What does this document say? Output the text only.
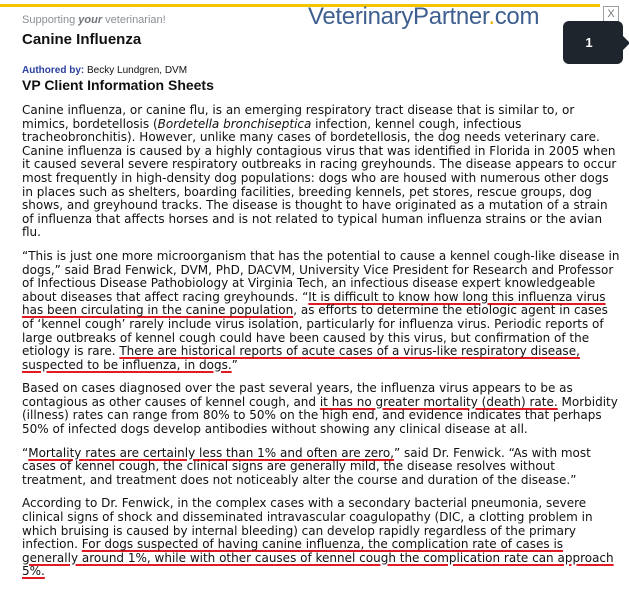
Supporting your veterinarian!	VeterinaryPartner.com	X
1
Canine Influenza
Authored by: Becky Lundgren, DVM
VP Client Information Sheets

Canine influenza, or canine flu, is an emerging respiratory tract disease that is similar to, or mimics, bordetellosis (Bordetella bronchiseptica infection, kennel cough, infectious tracheobronchitis). However, unlike many cases of bordetellosis, the dog needs veterinary care. Canine influenza is caused by a highly contagious virus that was identified in Florida in 2005 when it caused several severe respiratory outbreaks in racing greyhounds. The disease appears to occur most frequently in high-density dog populations: dogs who are housed with numerous other dogs in places such as shelters, boarding facilities, breeding kennels, pet stores, rescue groups, dog shows, and greyhound tracks. The disease is thought to have originated as a mutation of a strain of influenza that affects horses and is not related to typical human influenza strains or the avian flu.

“This is just one more microorganism that has the potential to cause a kennel cough-like disease in dogs,” said Brad Fenwick, DVM, PhD, DACVM, University Vice President for Research and Professor of Infectious Disease Pathobiology at Virginia Tech, an infectious disease expert knowledgeable about diseases that affect racing greyhounds. “It is difficult to know how long this influenza virus has been circulating in the canine population, as efforts to determine the etiologic agent in cases of ‘kennel cough’ rarely include virus isolation, particularly for influenza virus. Periodic reports of large outbreaks of kennel cough could have been caused by this virus, but confirmation of the etiology is rare. There are historical reports of acute cases of a virus-like respiratory disease, suspected to be influenza, in dogs.”

Based on cases diagnosed over the past several years, the influenza virus appears to be as contagious as other causes of kennel cough, and it has no greater mortality (death) rate. Morbidity (illness) rates can range from 80% to 50% on the high end, and evidence indicates that perhaps 50% of infected dogs develop antibodies without showing any clinical disease at all.

“Mortality rates are certainly less than 1% and often are zero,” said Dr. Fenwick. “As with most cases of kennel cough, the clinical signs are generally mild, the disease resolves without treatment, and treatment does not noticeably alter the course and duration of the disease.”

According to Dr. Fenwick, in the complex cases with a secondary bacterial pneumonia, severe clinical signs of shock and disseminated intravascular coagulopathy (DIC, a clotting problem in which bruising is caused by internal bleeding) can develop rapidly regardless of the primary infection. For dogs suspected of having canine influenza, the complication rate of cases is generally around 1%, while with other causes of kennel cough the complication rate can approach 5%.
